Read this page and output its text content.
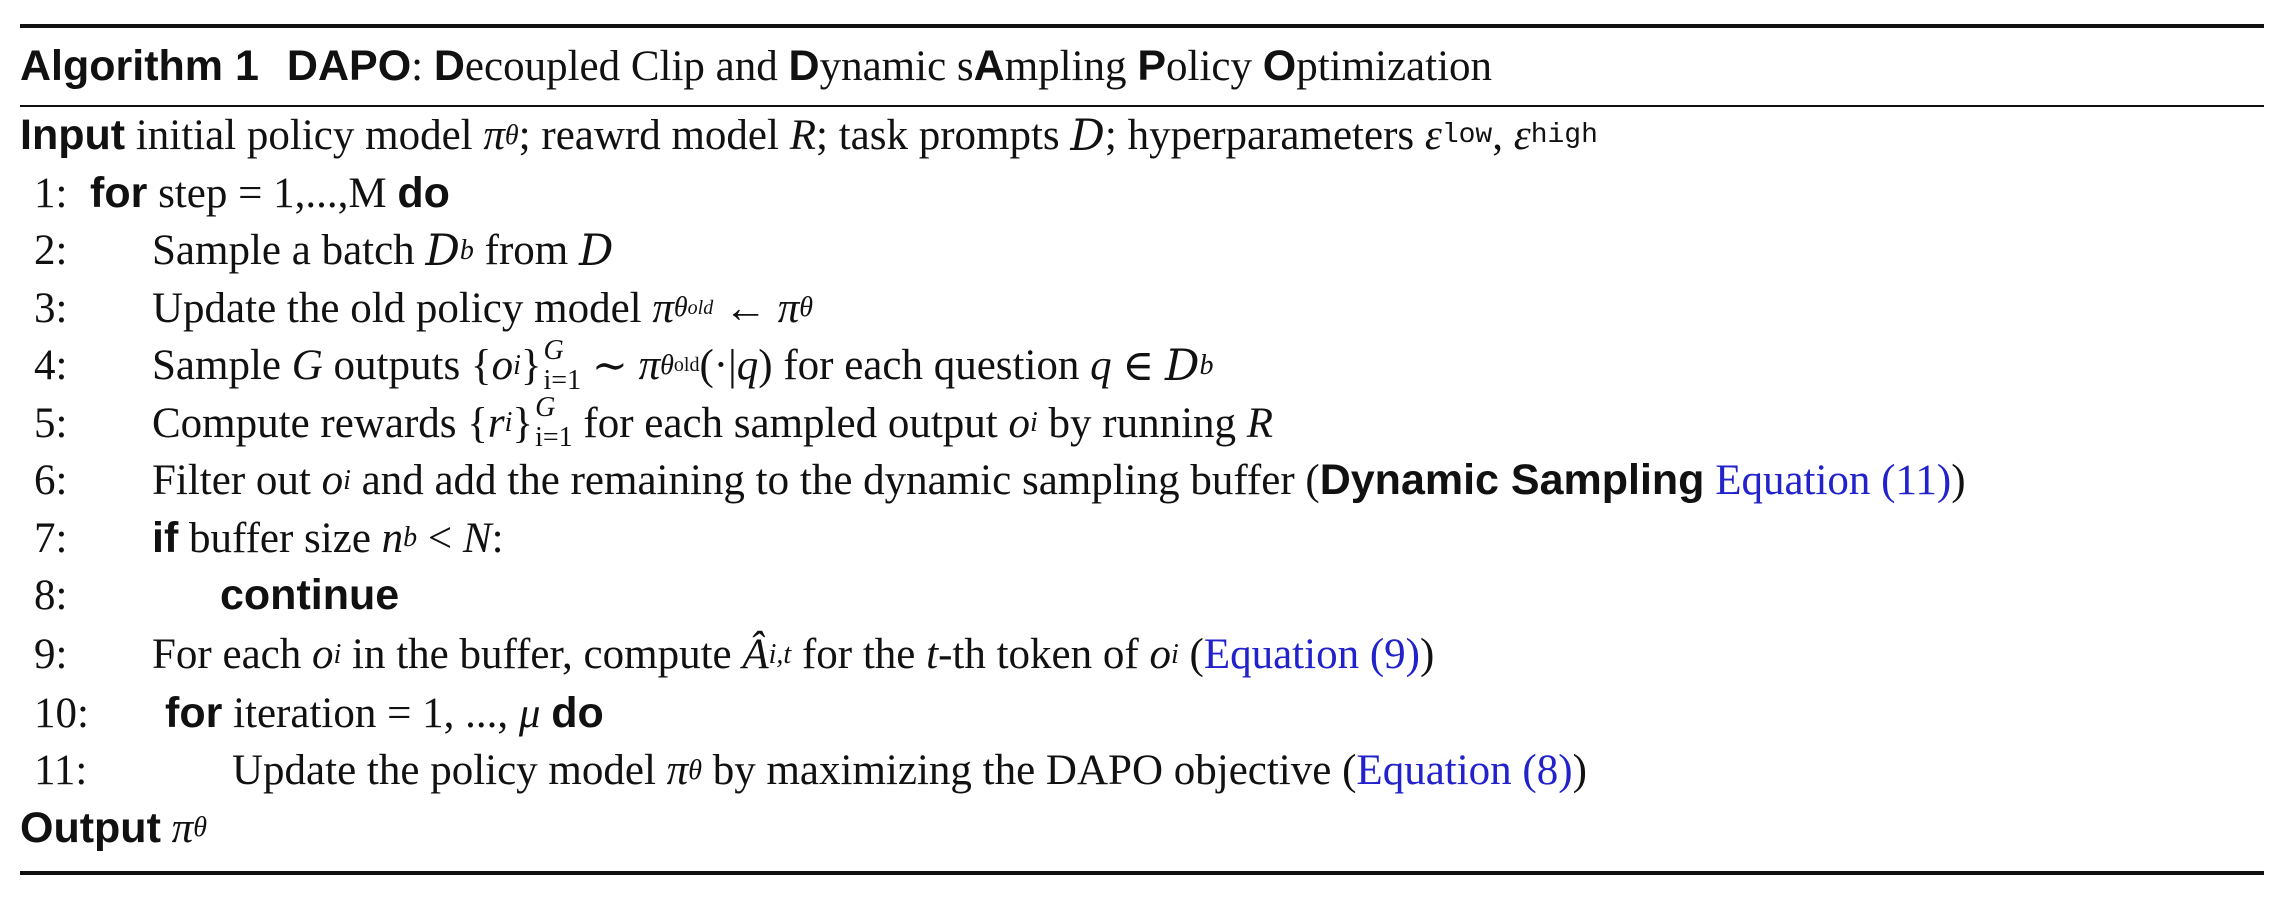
Algorithm 1 DAPO : D ecoupled Clip and D ynamic s A mpling P olicy O ptimization
Input initial policy model π θ ; reawrd model R ; task prompts D ; hyperparameters ε low , ε high
1: for step = 1,...,M do
2: Sample a batch D b from D
3: Update the old policy model π θ old ← π θ
4: Sample G outputs { o i } G
i=1 ∼ π θ old (·| q ) for each question q ∈ D b
5: Compute rewards { r i } G
i=1 for each sampled output o i by running R
6: Filter out o i and add the remaining to the dynamic sampling buffer ( Dynamic Sampling
Equation (11) )
7: if buffer size n b < N :
8:	continue
9: For each o i in the buffer, compute Â i,t for the t -th token of o i ( Equation (9) )
10: for iteration = 1, ..., μ
do
11:	Update the policy model π θ by maximizing the DAPO objective ( Equation (8) )
Output
π θ
